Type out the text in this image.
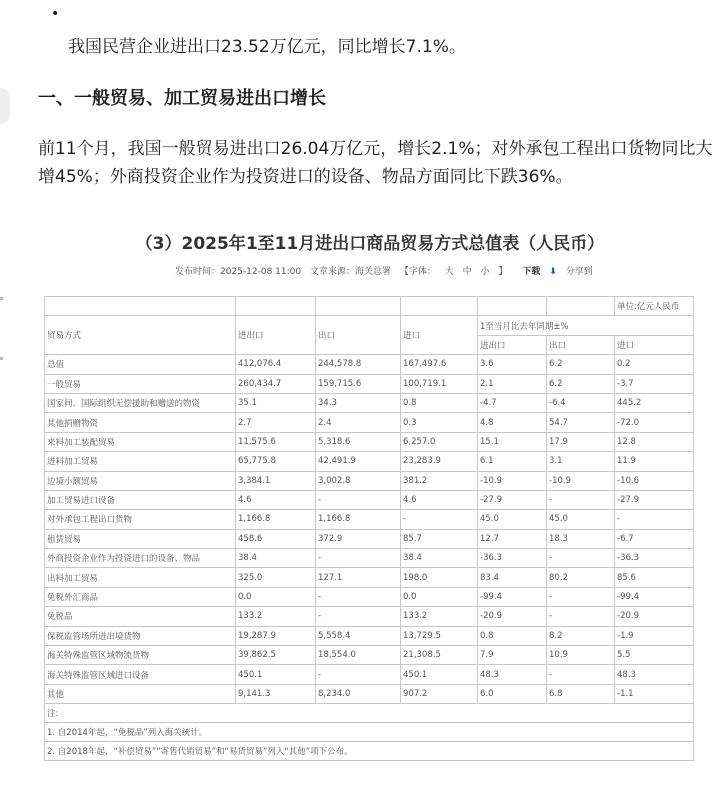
•
我国民营企业进出口23.52万亿元，同比增长7.1%。
一、一般贸易、加工贸易进出口增长
前11个月，我国一般贸易进出口26.04万亿元，增长2.1%；对外承包工程出口货物同比大增45%；外商投资企业作为投资进口的设备、物品方面同比下跌36%。
（3）2025年1至11月进出口商品贸易方式总值表（人民币）
发布时间：2025-12-08 11:00 文章来源：海关总署 【字体： 大 中 小 】 下载 ⬇ 分享到
						单位:亿元人民币
贸易方式	进出口	出口	进口	1至当月比去年同期±%		
				进出口	出口	进口
总值	412,076.4	244,578.8	167,497.6	3.6	6.2	0.2
一般贸易	260,434.7	159,715.6	100,719.1	2.1	6.2	-3.7
国家间、国际组织无偿援助和赠送的物资	35.1	34.3	0.8	-4.7	-6.4	445.2
其他捐赠物资	2.7	2.4	0.3	4.8	54.7	-72.0
来料加工装配贸易	11,575.6	5,318.6	6,257.0	15.1	17.9	12.8
进料加工贸易	65,775.8	42,491.9	23,283.9	6.1	3.1	11.9
边境小额贸易	3,384.1	3,002.8	381.2	-10.9	-10.9	-10.6
加工贸易进口设备	4.6	-	4.6	-27.9	-	-27.9
对外承包工程出口货物	1,166.8	1,166.8	-	45.0	45.0	-
租赁贸易	458.6	372.9	85.7	12.7	18.3	-6.7
外商投资企业作为投资进口的设备、物品	38.4	-	38.4	-36.3	-	-36.3
出料加工贸易	325.0	127.1	198.0	83.4	80.2	85.6
免税外汇商品	0.0	-	0.0	-99.4	-	-99.4
免税品	133.2	-	133.2	-20.9	-	-20.9
保税监管场所进出境货物	19,287.9	5,558.4	13,729.5	0.8	8.2	-1.9
海关特殊监管区域物流货物	39,862.5	18,554.0	21,308.5	7.9	10.9	5.5
海关特殊监管区域进口设备	450.1	-	450.1	48.3	-	48.3
其他	9,141.3	8,234.0	907.2	6.0	6.8	-1.1
注:						
1. 自2014年起，“免税品”列入海关统计。						
2. 自2018年起，“补偿贸易”“寄售代销贸易”和“易货贸易”列入“其他”项下公布。						
